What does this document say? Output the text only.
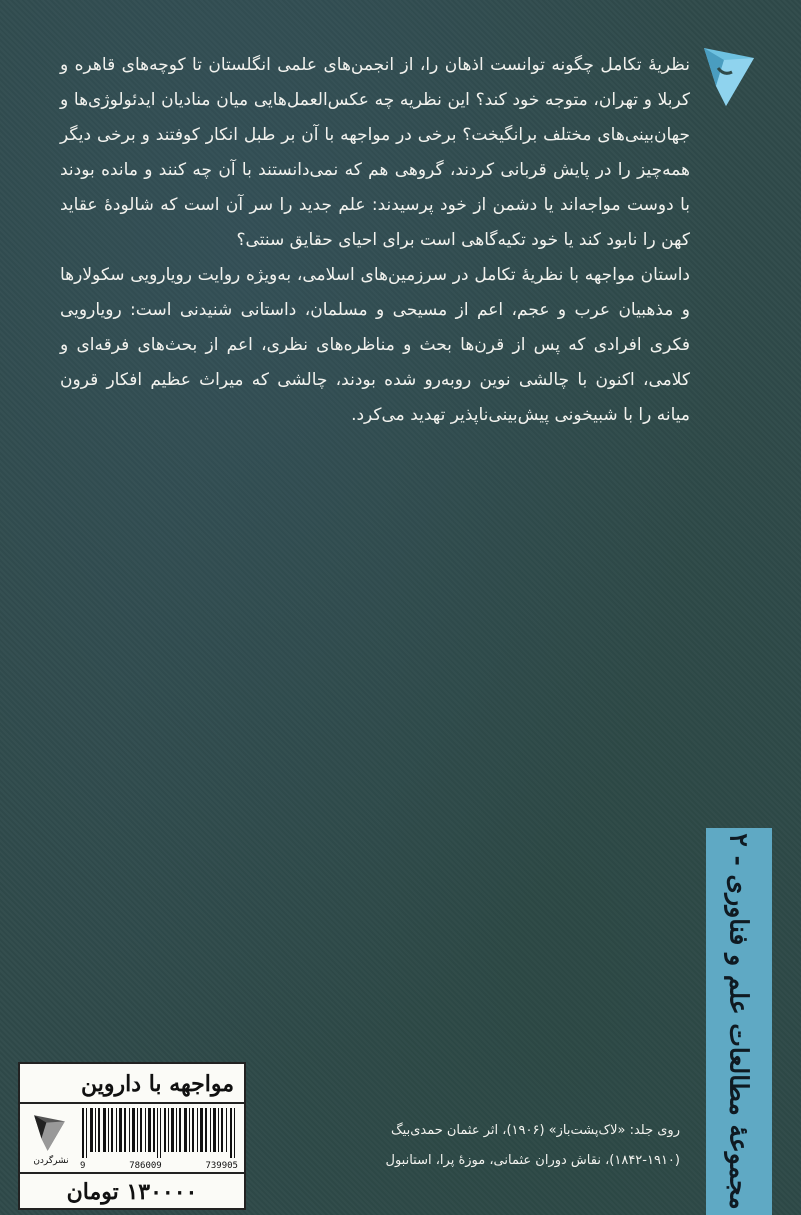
نظریهٔ تکامل چگونه توانست اذهان را، از انجمن‌های علمی انگلستان تا کوچه‌های قاهره و کربلا و تهران، متوجه خود کند؟ این نظریه چه عکس‌العمل‌هایی میان منادیان ایدئولوژی‌ها و جهان‌بینی‌های مختلف برانگیخت؟ برخی در مواجهه با آن بر طبل انکار کوفتند و برخی دیگر همه‌چیز را در پایش قربانی کردند، گروهی هم که نمی‌دانستند با آن چه کنند و مانده بودند با دوست مواجه‌اند یا دشمن از خود پرسیدند: علم جدید را سر آن است که شالودهٔ عقاید کهن را نابود کند یا خود تکیه‌گاهی است برای احیای حقایق سنتی؟

داستان مواجهه با نظریهٔ تکامل در سرزمین‌های اسلامی، به‌ویژه روایت رویارویی سکولارها و مذهبیان عرب و عجم، اعم از مسیحی و مسلمان، داستانی شنیدنی است: رویارویی فکری افرادی که پس از قرن‌ها بحث و مناظره‌های نظری، اعم از بحث‌های فرقه‌ای و کلامی، اکنون با چالشی نوین روبه‌رو شده بودند، چالشی که میراث عظیم افکار قرون میانه را با شبیخونی پیش‌بینی‌ناپذیر تهدید می‌کرد.

مجموعهٔ مطالعات علم و فناوری - ۲
روی جلد: «لاک‌پشت‌باز» (۱۹۰۶)، اثر عثمان حمدی‌بیگ
(۱۸۴۲-۱۹۱۰)، نقاش دوران عثمانی، موزهٔ پرا، استانبول
مواجهه با داروین
نشرگردن	9	786009	739905
۱۳۰۰۰۰ تومان
